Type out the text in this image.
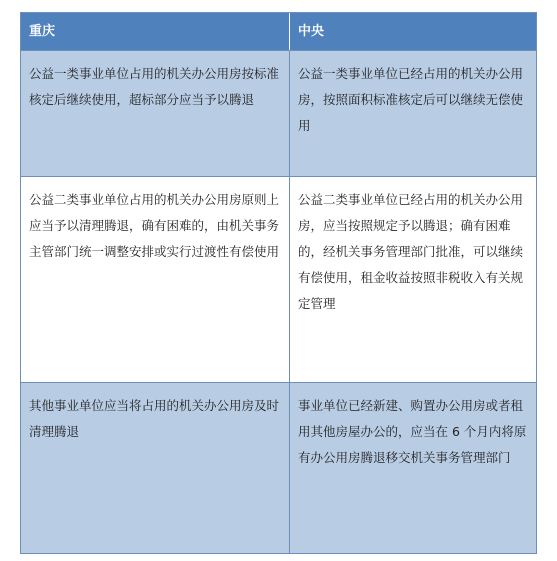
重庆	中央
公益一类事业单位占用的机关办公用房按标准核定后继续使用，超标部分应当予以腾退
公益一类事业单位已经占用的机关办公用房，按照面积标准核定后可以继续无偿使用
公益二类事业单位占用的机关办公用房原则上应当予以清理腾退，确有困难的，由机关事务主管部门统一调整安排或实行过渡性有偿使用
公益二类事业单位已经占用的机关办公用房，应当按照规定予以腾退；确有困难的，经机关事务管理部门批准，可以继续有偿使用，租金收益按照非税收入有关规定管理
其他事业单位应当将占用的机关办公用房及时清理腾退
事业单位已经新建、购置办公用房或者租用其他房屋办公的，应当在 6 个月内将原有办公用房腾退移交机关事务管理部门
